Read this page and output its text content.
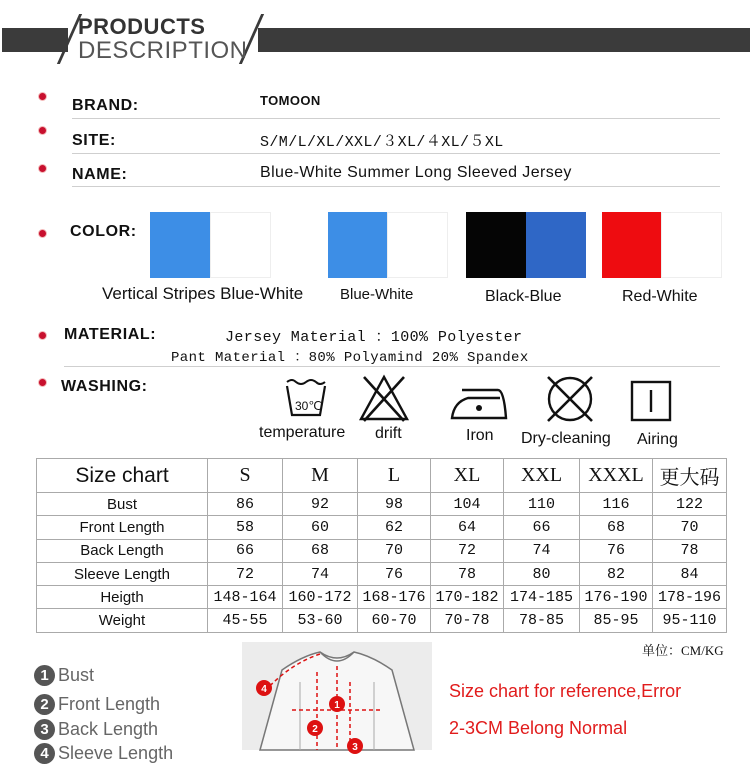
PRODUCTS
DESCRIPTION
BRAND:	TOMOON
SITE:	S/M/L/XL/XXL/３XL/４XL/５XL
NAME:	Blue-White Summer Long Sleeved Jersey
COLOR:
Vertical Stripes Blue-White Blue-White	Black-Blue	Red-White
MATERIAL:	Jersey Material ：100% Polyester
Pant Material ：80% Polyamind 20% Spandex
WASHING:
30℃
temperature drift	Iron Dry-cleaning Airing
Size chart	S	M	L	XL	XXL	XXXL	更大码
Bust	86	92	98	104	110	116	122
Front Length	58	60	62	64	66	68	70
Back Length	66	68	70	72	74	76	78
Sleeve Length	72	74	76	78	80	82	84
Heigth	148-164	160-172	168-176	170-182	174-185	176-190	178-196
Weight	45-55	53-60	60-70	70-78	78-85	85-95	95-110
单位：CM/KG
1 Bust
2 Front Length
3 Back Length
4 Sleeve Length
1
2
3
4	Size chart for reference,Error
2-3CM Belong Normal
